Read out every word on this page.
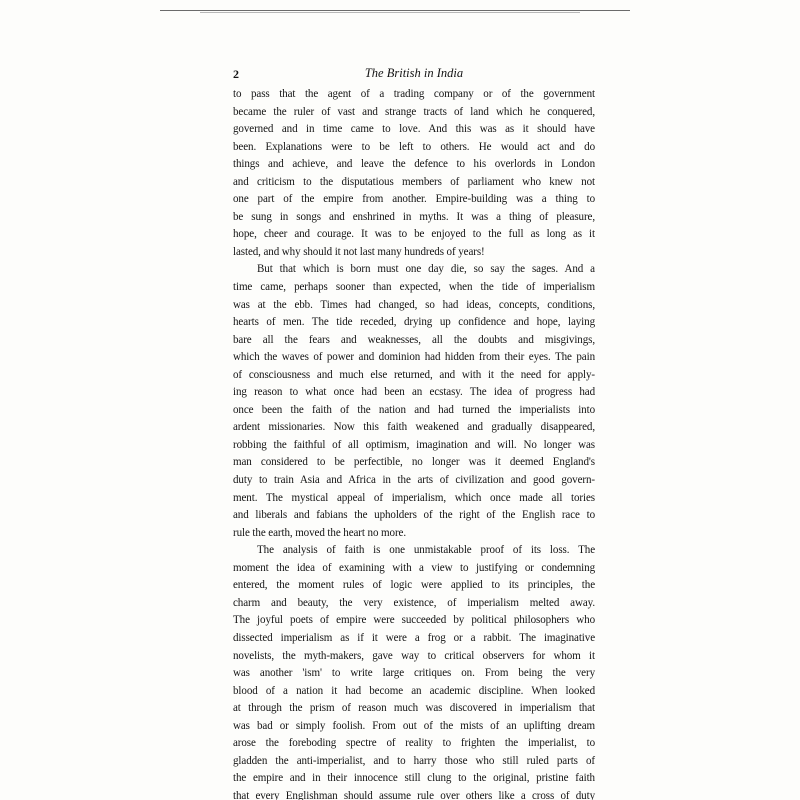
2	The British in India

to pass that the agent of a trading company or of the government
became the ruler of vast and strange tracts of land which he conquered,
governed and in time came to love. And this was as it should have
been. Explanations were to be left to others. He would act and do
things and achieve, and leave the defence to his overlords in London
and criticism to the disputatious members of parliament who knew not
one part of the empire from another. Empire-building was a thing to
be sung in songs and enshrined in myths. It was a thing of pleasure,
hope, cheer and courage. It was to be enjoyed to the full as long as it
lasted, and why should it not last many hundreds of years!

But that which is born must one day die, so say the sages. And a
time came, perhaps sooner than expected, when the tide of imperialism
was at the ebb. Times had changed, so had ideas, concepts, conditions,
hearts of men. The tide receded, drying up confidence and hope, laying
bare all the fears and weaknesses, all the doubts and misgivings,
which the waves of power and dominion had hidden from their eyes. The pain
of consciousness and much else returned, and with it the need for apply-
ing reason to what once had been an ecstasy. The idea of progress had
once been the faith of the nation and had turned the imperialists into
ardent missionaries. Now this faith weakened and gradually disappeared,
robbing the faithful of all optimism, imagination and will. No longer was
man considered to be perfectible, no longer was it deemed England's
duty to train Asia and Africa in the arts of civilization and good govern-
ment. The mystical appeal of imperialism, which once made all tories
and liberals and fabians the upholders of the right of the English race to
rule the earth, moved the heart no more.

The analysis of faith is one unmistakable proof of its loss. The
moment the idea of examining with a view to justifying or condemning
entered, the moment rules of logic were applied to its principles, the
charm and beauty, the very existence, of imperialism melted away.
The joyful poets of empire were succeeded by political philosophers who
dissected imperialism as if it were a frog or a rabbit. The imaginative
novelists, the myth-makers, gave way to critical observers for whom it
was another 'ism' to write large critiques on. From being the very
blood of a nation it had become an academic discipline. When looked
at through the prism of reason much was discovered in imperialism that
was bad or simply foolish. From out of the mists of an uplifting dream
arose the foreboding spectre of reality to frighten the imperialist, to
gladden the anti-imperialist, and to harry those who still ruled parts of
the empire and in their innocence still clung to the original, pristine faith
that every Englishman should assume rule over others like a cross of duty
